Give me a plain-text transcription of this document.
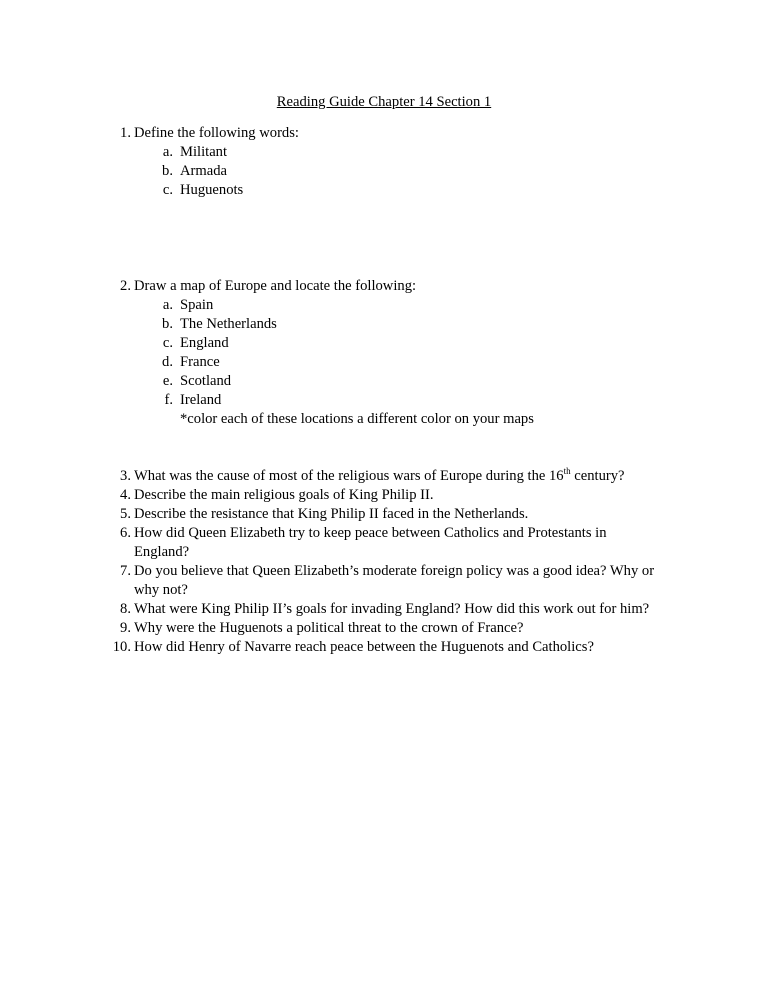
Reading Guide Chapter 14 Section 1
1. Define the following words:
a. Militant
b. Armada
c. Huguenots
2. Draw a map of Europe and locate the following:
a. Spain
b. The Netherlands
c. England
d. France
e. Scotland
f. Ireland
*color each of these locations a different color on your maps
3. What was the cause of most of the religious wars of Europe during the 16th century?
4. Describe the main religious goals of King Philip II.
5. Describe the resistance that King Philip II faced in the Netherlands.
6. How did Queen Elizabeth try to keep peace between Catholics and Protestants in
England?
7. Do you believe that Queen Elizabeth’s moderate foreign policy was a good idea? Why or
why not?
8. What were King Philip II’s goals for invading England? How did this work out for him?
9. Why were the Huguenots a political threat to the crown of France?
10. How did Henry of Navarre reach peace between the Huguenots and Catholics?
